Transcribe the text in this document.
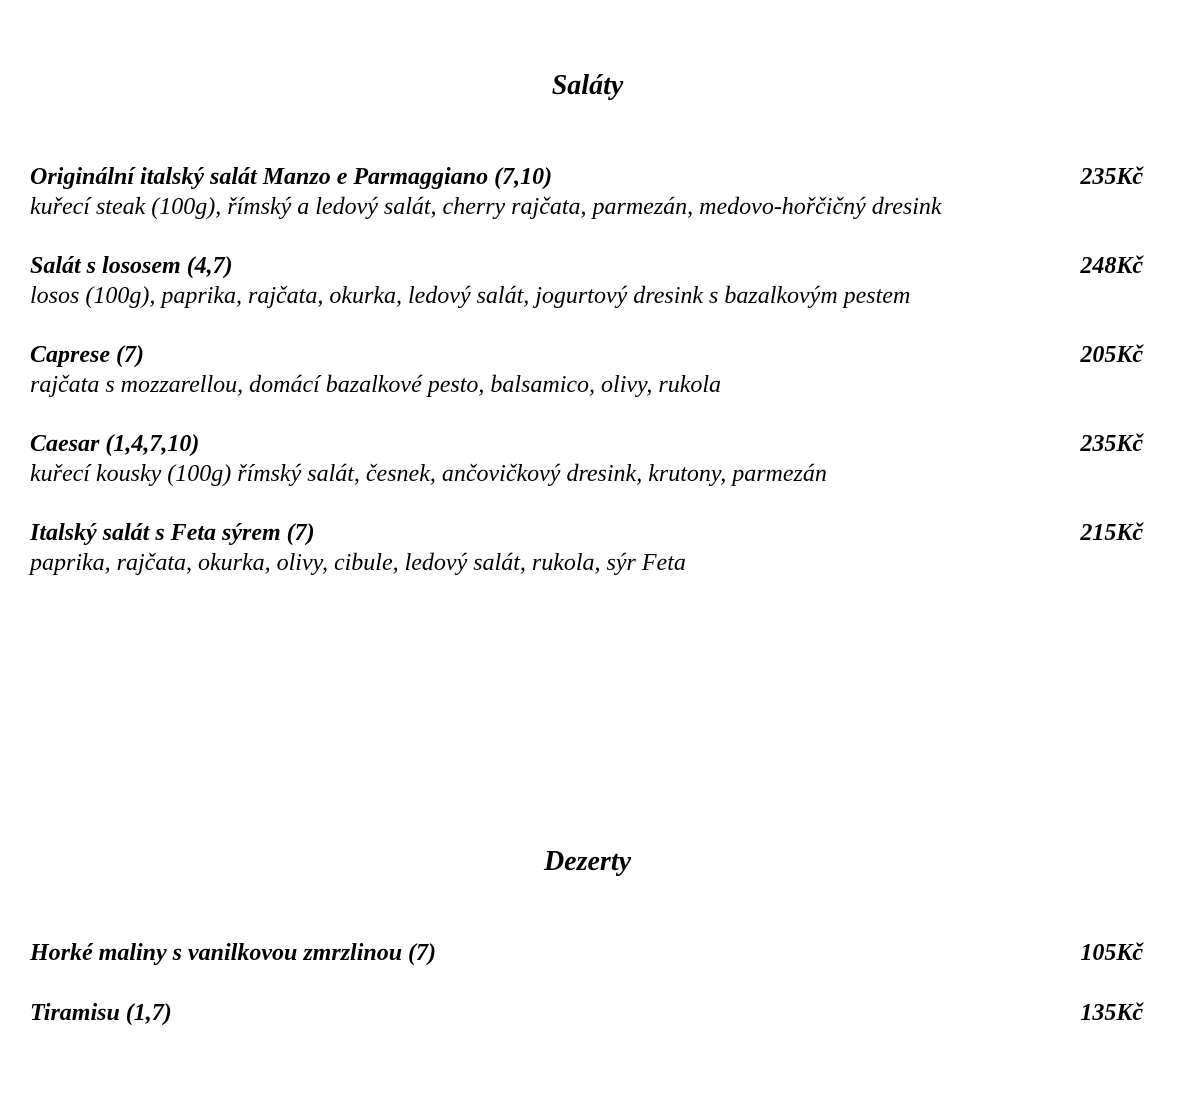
Saláty
Originální italský salát Manzo e Parmaggiano (7,10)	235Kč
kuřecí steak (100g), římský a ledový salát, cherry rajčata, parmezán, medovo-hořčičný dresink
Salát s lososem (4,7)	248Kč
losos (100g), paprika, rajčata, okurka, ledový salát, jogurtový dresink s bazalkovým pestem
Caprese (7)	205Kč
rajčata s mozzarellou, domácí bazalkové pesto, balsamico, olivy, rukola
Caesar (1,4,7,10)	235Kč
kuřecí kousky (100g) římský salát, česnek, ančovičkový dresink, krutony, parmezán
Italský salát s Feta sýrem (7)	215Kč
paprika, rajčata, okurka, olivy, cibule, ledový salát, rukola, sýr Feta
Dezerty
Horké maliny s vanilkovou zmrzlinou (7)	105Kč
Tiramisu (1,7)	135Kč
